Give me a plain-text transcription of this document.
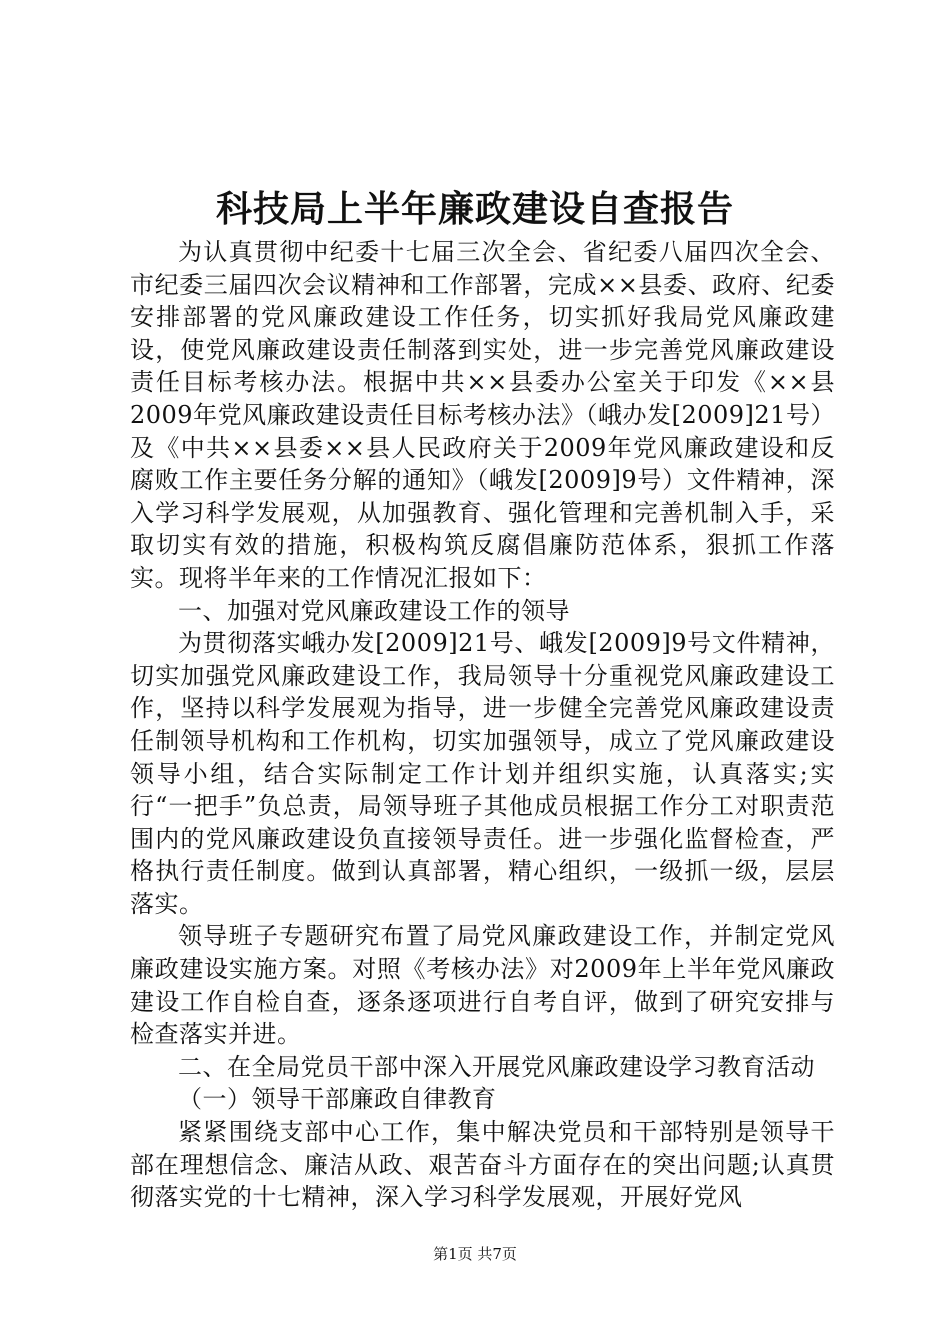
科技局上半年廉政建设自查报告

为认真贯彻中纪委十七届三次全会、省纪委八届四次全会、市纪委三届四次会议精神和工作部署，完成××县委、政府、纪委安排部署的党风廉政建设工作任务，切实抓好我局党风廉政建设，使党风廉政建设责任制落到实处，进一步完善党风廉政建设责任目标考核办法。根据中共××县委办公室关于印发《××县2009年党风廉政建设责任目标考核办法》（峨办发[2009]21号）及《中共××县委××县人民政府关于2009年党风廉政建设和反腐败工作主要任务分解的通知》（峨发[2009]9号）文件精神，深入学习科学发展观，从加强教育、强化管理和完善机制入手，采取切实有效的措施，积极构筑反腐倡廉防范体系，狠抓工作落实。现将半年来的工作情况汇报如下：

一、加强对党风廉政建设工作的领导

为贯彻落实峨办发[2009]21号、峨发[2009]9号文件精神，切实加强党风廉政建设工作，我局领导十分重视党风廉政建设工作，坚持以科学发展观为指导，进一步健全完善党风廉政建设责任制领导机构和工作机构，切实加强领导，成立了党风廉政建设领导小组，结合实际制定工作计划并组织实施，认真落实;实行“一把手”负总责，局领导班子其他成员根据工作分工对职责范围内的党风廉政建设负直接领导责任。进一步强化监督检查，严格执行责任制度。做到认真部署，精心组织，一级抓一级，层层落实。

领导班子专题研究布置了局党风廉政建设工作，并制定党风廉政建设实施方案。对照《考核办法》对2009年上半年党风廉政建设工作自检自查，逐条逐项进行自考自评，做到了研究安排与检查落实并进。

二、在全局党员干部中深入开展党风廉政建设学习教育活动

（一）领导干部廉政自律教育

紧紧围绕支部中心工作，集中解决党员和干部特别是领导干部在理想信念、廉洁从政、艰苦奋斗方面存在的突出问题;认真贯彻落实党的十七精神，深入学习科学发展观，开展好党风

第1页 共7页
